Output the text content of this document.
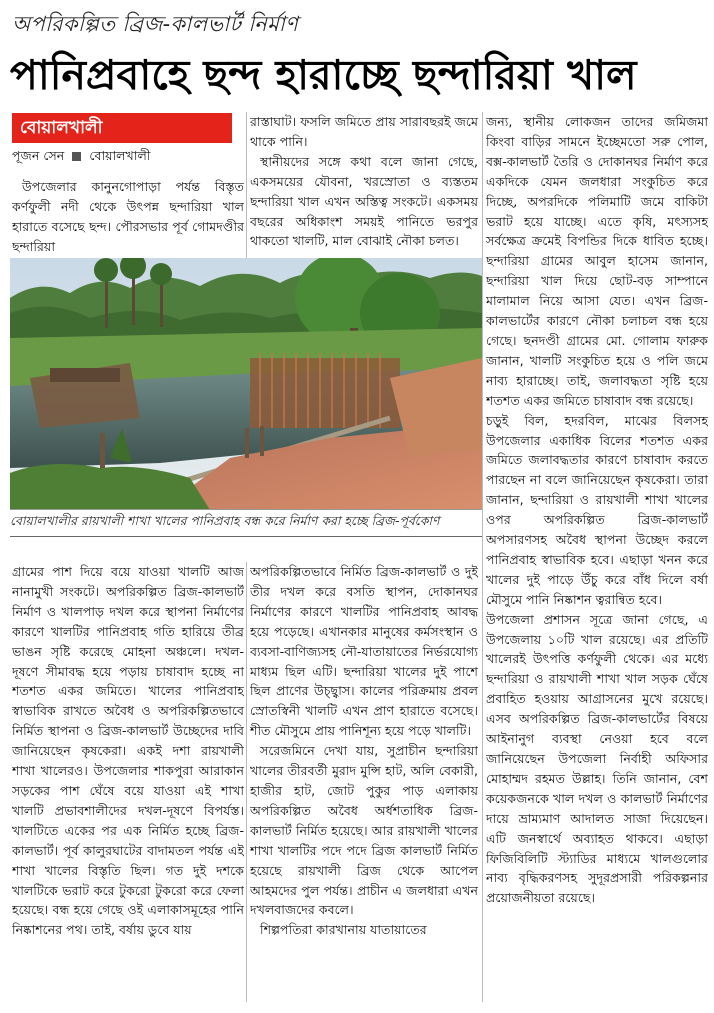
অপরিকল্পিত ব্রিজ-কালভার্ট নির্মাণ
পানিপ্রবাহে ছন্দ হারাচ্ছে ছন্দারিয়া খাল
বোয়ালখালী
পূজন সেন বোয়ালখালী

উপজেলার কানুনগোপাড়া পর্যন্ত বিস্তৃত কর্ণফুলী নদী থেকে উৎপন্ন ছন্দারিয়া খাল হারাতে বসেছে ছন্দ। পৌরসভার পূর্ব গোমদণ্ডীর ছন্দারিয়া

রাস্তাঘাট। ফসলি জমিতে প্রায় সারাবছরই জমে থাকে পানি।

স্থানীয়দের সঙ্গে কথা বলে জানা গেছে, একসময়ের যৌবনা, খরস্রোতা ও ব্যস্ততম ছন্দারিয়া খাল এখন অস্তিত্ব সংকটে। একসময় বছরের অধিকাংশ সময়ই পানিতে ভরপুর থাকতো খালটি, মাল বোঝাই নৌকা চলত।

জন্য, স্থানীয় লোকজন তাদের জমিজমা কিংবা বাড়ির সামনে ইচ্ছেমতো সরু পোল, বক্স-কালভার্ট তৈরি ও দোকানঘর নির্মাণ করে একদিকে যেমন জলধারা সংকুচিত করে দিচ্ছে, অপরদিকে পলিমাটি জমে বাকিটা ভরাট হয়ে যাচ্ছে। এতে কৃষি, মৎস্যসহ সর্বক্ষেত্র ক্রমেই বিপন্ডির দিকে ধাবিত হচ্ছে। ছন্দারিয়া গ্রামের আবুল হাসেম জানান, ছন্দারিয়া খাল দিয়ে ছোট-বড় সাম্পানে মালামাল নিয়ে আসা যেত। এখন ব্রিজ-কালভার্টের কারণে নৌকা চলাচল বন্ধ হয়ে গেছে। ছনদণ্ডী গ্রামের মো. গোলাম ফারুক জানান, খালটি সংকুচিত হয়ে ও পলি জমে নাব্য হারাচ্ছে। তাই, জলাবদ্ধতা সৃষ্টি হয়ে শতশত একর জমিতে চাষাবাদ বন্ধ রয়েছে।

চড়ুই বিল, হদরবিল, মাঝের বিলসহ উপজেলার একাধিক বিলের শতশত একর জমিতে জলাবদ্ধতার কারণে চাষাবাদ করতে পারছেন না বলে জানিয়েছেন কৃষকেরা। তারা জানান, ছন্দারিয়া ও রায়খালী শাখা খালের ওপর অপরিকল্পিত ব্রিজ-কালভার্ট অপসারণসহ অবৈধ স্থাপনা উচ্ছেদ করলে পানিপ্রবাহ স্বাভাবিক হবে। এছাড়া খনন করে খালের দুই পাড়ে উঁচু করে বাঁধ দিলে বর্ষা মৌসুমে পানি নিষ্কাশন ত্বরান্বিত হবে।

উপজেলা প্রশাসন সূত্রে জানা গেছে, এ উপজেলায় ১০টি খাল রয়েছে। এর প্রতিটি খালেরই উৎপত্তি কর্ণফুলী থেকে। এর মধ্যে ছন্দারিয়া ও রায়খালী শাখা খাল সড়ক ঘেঁষে প্রবাহিত হওয়ায় আগ্রাসনের মুখে রয়েছে। এসব অপরিকল্পিত ব্রিজ-কালভার্টের বিষয়ে আইনানুগ ব্যবস্থা নেওয়া হবে বলে জানিয়েছেন উপজেলা নির্বাহী অফিসার মোহাম্মদ রহমত উল্লাহ। তিনি জানান, বেশ কয়েকজনকে খাল দখল ও কালভার্ট নির্মাণের দায়ে ভ্রাম্যমাণ আদালত সাজা দিয়েছেন। এটি জনস্বার্থে অব্যাহত থাকবে। এছাড়া ফিজিবিলিটি স্ট্যাডির মাধ্যমে খালগুলোর নাব্য বৃদ্ধিকরণসহ সুদূরপ্রসারী পরিকল্পনার প্রয়োজনীয়তা রয়েছে।

বোয়ালখালীর রায়খালী শাখা খালের পানিপ্রবাহ বন্ধ করে নির্মাণ করা হচ্ছে ব্রিজ-পূর্বকোণ

গ্রামের পাশ দিয়ে বয়ে যাওয়া খালটি আজ নানামুখী সংকটে। অপরিকল্পিত ব্রিজ-কালভার্ট নির্মাণ ও খালপাড় দখল করে স্থাপনা নির্মাণের কারণে খালটির পানিপ্রবাহ গতি হারিয়ে তীব্র ভাঙন সৃষ্টি করেছে মোহনা অঞ্চলে। দখল-দূষণে সীমাবদ্ধ হয়ে পড়ায় চাষাবাদ হচ্ছে না শতশত একর জমিতে। খালের পানিপ্রবাহ স্বাভাবিক রাখতে অবৈধ ও অপরিকল্পিতভাবে নির্মিত স্থাপনা ও ব্রিজ-কালভার্ট উচ্ছেদের দাবি জানিয়েছেন কৃষকেরা। একই দশা রায়খালী শাখা খালেরও। উপজেলার শাকপুরা আরাকান সড়কের পাশ ঘেঁষে বয়ে যাওয়া এই শাখা খালটি প্রভাবশালীদের দখল-দূষণে বিপর্যস্ত। খালটিতে একের পর এক নির্মিত হচ্ছে ব্রিজ-কালভার্ট। পূর্ব কালুরঘাটের বাদামতল পর্যন্ত এই শাখা খালের বিস্তৃতি ছিল। গত দুই দশকে খালটিকে ভরাট করে টুকরো টুকরো করে ফেলা হয়েছে। বন্ধ হয়ে গেছে ওই এলাকাসমূহের পানি নিষ্কাশনের পথ। তাই, বর্ষায় ডুবে যায়

অপরিকল্পিতভাবে নির্মিত ব্রিজ-কালভার্ট ও দুই তীর দখল করে বসতি স্থাপন, দোকানঘর নির্মাণের কারণে খালটির পানিপ্রবাহ আবদ্ধ হয়ে পড়েছে। এখানকার মানুষের কর্মসংস্থান ও ব্যবসা-বাণিজ্যসহ নৌ-যাতায়াতের নির্ভরযোগ্য মাধ্যম ছিল এটি। ছন্দারিয়া খালের দুই পাশে ছিল প্রাণের উচ্ছ্বাস। কালের পরিক্রমায় প্রবল স্রোতস্বিনী খালটি এখন প্রাণ হারাতে বসেছে। শীত মৌসুমে প্রায় পানিশূন্য হয়ে পড়ে খালটি।

সরেজমিনে দেখা যায়, সুপ্রাচীন ছন্দারিয়া খালের তীরবর্তী মুরাদ মুন্সি হাট, অলি বেকারী, হাজীর হাট, জোট পুকুর পাড় এলাকায় অপরিকল্পিত অবৈধ অর্ধশতাধিক ব্রিজ-কালভার্ট নির্মিত হয়েছে। আর রায়খালী খালের শাখা খালটির পদে পদে ব্রিজ কালভার্ট নির্মিত হয়েছে রায়খালী ব্রিজ থেকে আপেল আহমদের পুল পর্যন্ত। প্রাচীন এ জলধারা এখন দখলবাজদের কবলে।

শিল্পপতিরা কারখানায় যাতায়াতের
